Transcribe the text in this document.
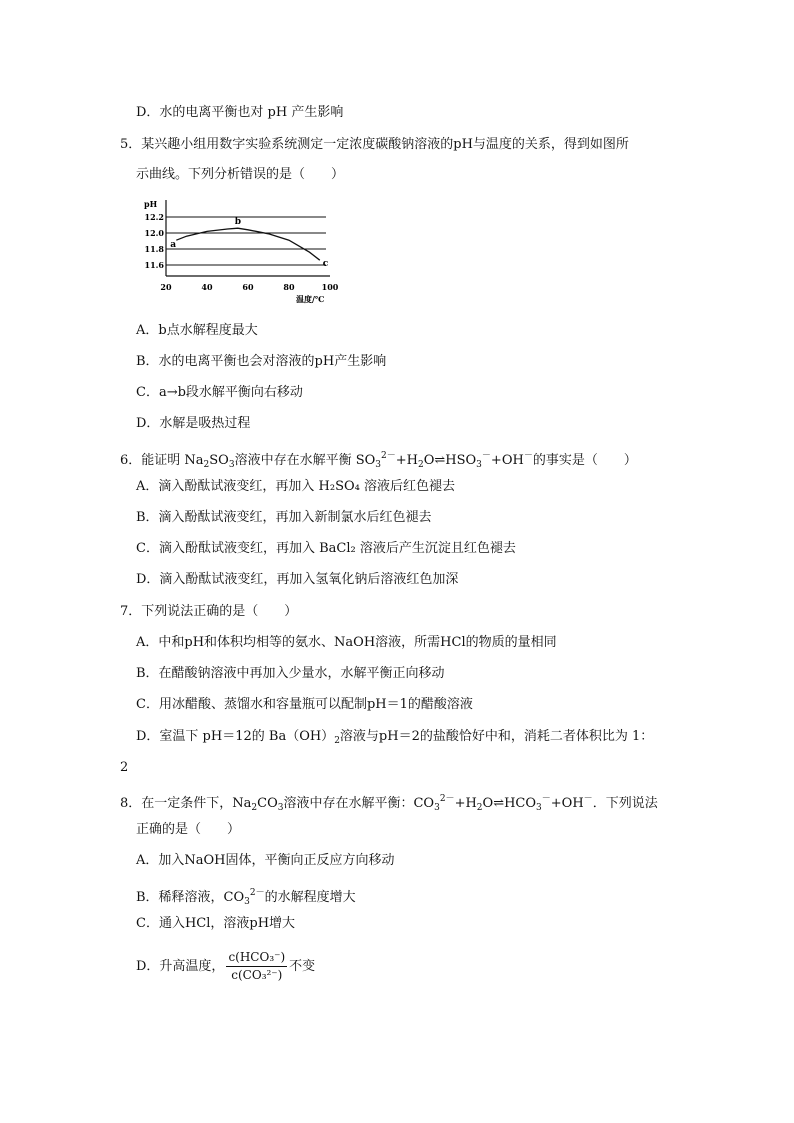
D．水的电离平衡也对 pH 产生影响
5．某兴趣小组用数字实验系统测定一定浓度碳酸钠溶液的pH与温度的关系，得到如图所
示曲线。下列分析错误的是（　　）
pH
12.2
12.0
11.8
11.6
20	40	60	80	100
温度/℃
a
b
c
A．b点水解程度最大
B．水的电离平衡也会对溶液的pH产生影响
C．a→b段水解平衡向右移动
D．水解是吸热过程
6．能证明 $Na_2SO_3$溶液中存在水解平衡 $SO_3^{2-}+H_2O\rightleftharpoons HSO_3^-+OH^-$的事实是（　　）
A．滴入酚酞试液变红，再加入 H₂SO₄ 溶液后红色褪去
B．滴入酚酞试液变红，再加入新制氯水后红色褪去
C．滴入酚酞试液变红，再加入 BaCl₂ 溶液后产生沉淀且红色褪去
D．滴入酚酞试液变红，再加入氢氧化钠后溶液红色加深
7．下列说法正确的是（　　）
A．中和pH和体积均相等的氨水、NaOH溶液，所需HCl的物质的量相同
B．在醋酸钠溶液中再加入少量水，水解平衡正向移动
C．用冰醋酸、蒸馏水和容量瓶可以配制pH＝1的醋酸溶液
D．室温下 pH＝12的 $Ba(OH)_2$溶液与pH＝2的盐酸恰好中和，消耗二者体积比为 1：
2
8．在一定条件下，$Na_2CO_3$溶液中存在水解平衡：$CO_3^{2-}+H_2O\rightleftharpoons HCO_3^-+OH^-$．下列说法
正确的是（　　）
A．加入NaOH固体，平衡向正反应方向移动
B．稀释溶液，$CO_3^{2-}$的水解程度增大
C．通入HCl，溶液pH增大
D．升高温度， $\frac{\text{c(HCO₃⁻)}}{\text{c(CO₃²⁻)}}$ 不变
